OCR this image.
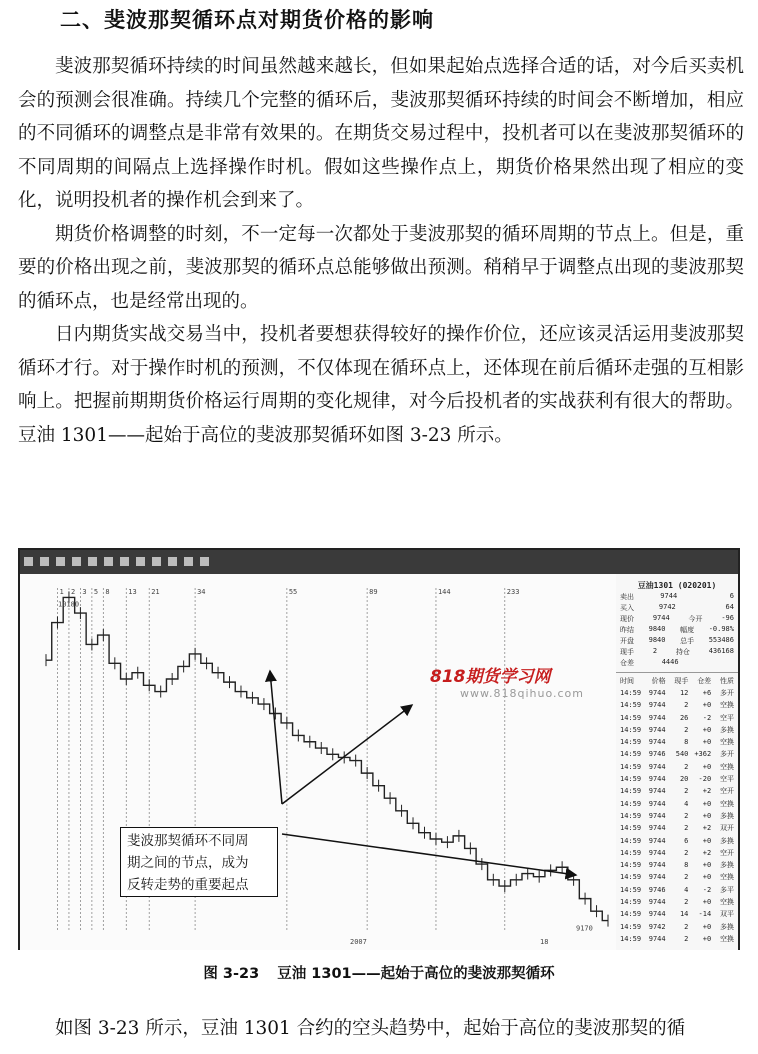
二、斐波那契循环点对期货价格的影响

斐波那契循环持续的时间虽然越来越长，但如果起始点选择合适的话，对今后买卖机会的预测会很准确。持续几个完整的循环后，斐波那契循环持续的时间会不断增加，相应的不同循环的调整点是非常有效果的。在期货交易过程中，投机者可以在斐波那契循环的不同周期的间隔点上选择操作时机。假如这些操作点上，期货价格果然出现了相应的变化，说明投机者的操作机会到来了。

期货价格调整的时刻，不一定每一次都处于斐波那契的循环周期的节点上。但是，重要的价格出现之前，斐波那契的循环点总能够做出预测。稍稍早于调整点出现的斐波那契的循环点，也是经常出现的。

日内期货实战交易当中，投机者要想获得较好的操作价位，还应该灵活运用斐波那契循环才行。对于操作时机的预测，不仅体现在循环点上，还体现在前后循环走强的互相影响上。把握前期期货价格运行周期的变化规律，对今后投机者的实战获利有很大的帮助。豆油 1301——起始于高位的斐波那契循环如图 3-23 所示。

1 2 3 5 8	13 21	34	55	89	144	233
10180
9170
2007	18
818期货学习网
www.818qihuo.com
斐波那契循环不同周
期之间的节点，成为
反转走势的重要起点
豆油1301 (020201)
卖出	9744	6
买入	9742	64
现价	9744	今开	-96
昨结 9840 幅度 -0.98%
开盘 9840 总手 553486
现手	2	持仓	436168
仓差	4446
时间	价格	现手	仓差	性质
14:59	9744	12	+6	多开
14:59	9744	2	+0	空换
14:59	9744	26	-2	空平
14:59	9744	2	+0	多换
14:59	9744	8	+0	空换
14:59	9746	540 +362	多开
14:59	9744	2	+0	空换
14:59	9744	20	-20	空平
14:59	9744	2	+2	空开
14:59	9744	4	+0	空换
14:59	9744	2	+0	多换
14:59	9744	2	+2	双开
14:59	9744	6	+0	多换
14:59	9744	2	+2	空开
14:59	9744	8	+0	多换
14:59	9744	2	+0	空换
14:59	9746	4	-2	多平
14:59	9744	2	+0	空换
14:59	9744	14	-14	双平
14:59	9742	2	+0	多换
14:59	9744	2	+0	空换
图 3-23 豆油 1301——起始于高位的斐波那契循环
如图 3-23 所示，豆油 1301 合约的空头趋势中，起始于高位的斐波那契的循
